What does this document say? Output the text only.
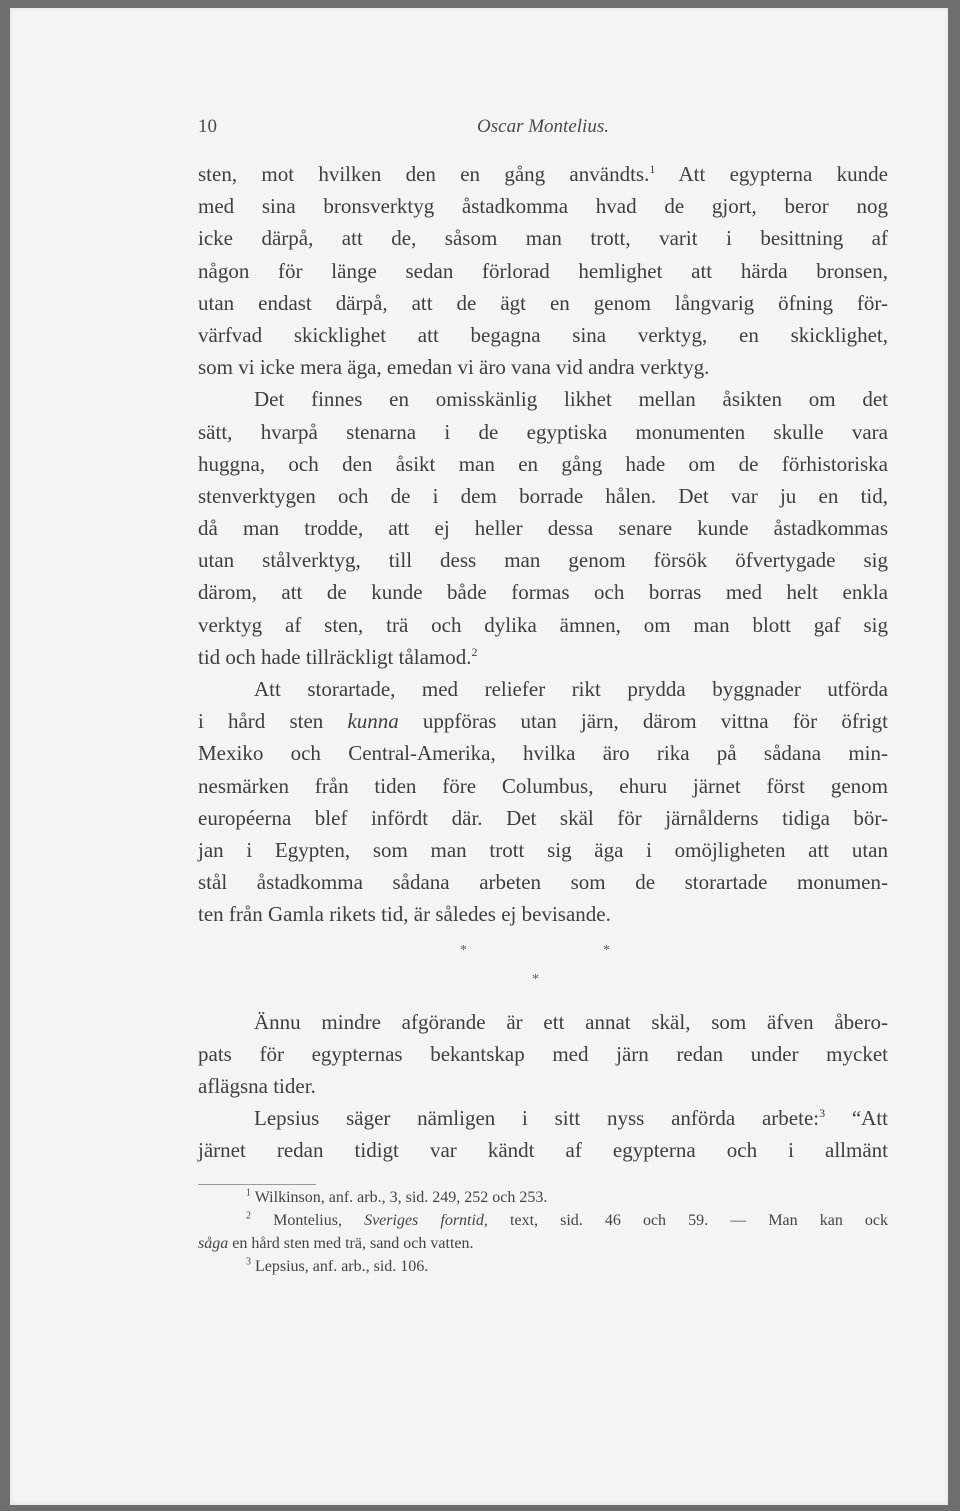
10	Oscar Montelius.
sten, mot hvilken den en gång användts.$^1$ Att egypterna kunde
med sina bronsverktyg åstadkomma hvad de gjort, beror nog
icke därpå, att de, såsom man trott, varit i besittning af
någon för länge sedan förlorad hemlighet att härda bronsen,
utan endast därpå, att de ägt en genom långvarig öfning för-
värfvad skicklighet att begagna sina verktyg, en skicklighet,
som vi icke mera äga, emedan vi äro vana vid andra verktyg.
Det finnes en omisskänlig likhet mellan åsikten om det
sätt, hvarpå stenarna i de egyptiska monumenten skulle vara
huggna, och den åsikt man en gång hade om de förhistoriska
stenverktygen och de i dem borrade hålen. Det var ju en tid,
då man trodde, att ej heller dessa senare kunde åstadkommas
utan stålverktyg, till dess man genom försök öfvertygade sig
därom, att de kunde både formas och borras med helt enkla
verktyg af sten, trä och dylika ämnen, om man blott gaf sig
tid och hade tillräckligt tålamod.$^2$
Att storartade, med reliefer rikt prydda byggnader utförda
i hård sten kunna uppföras utan järn, därom vittna för öfrigt
Mexiko och Central-Amerika, hvilka äro rika på sådana min-
nesmärken från tiden före Columbus, ehuru järnet först genom
européerna blef infördt där. Det skäl för järnålderns tidiga bör-
jan i Egypten, som man trott sig äga i omöjligheten att utan
stål åstadkomma sådana arbeten som de storartade monumen-
ten från Gamla rikets tid, är således ej bevisande.
*	*
*
Ännu mindre afgörande är ett annat skäl, som äfven åbero-
pats för egypternas bekantskap med järn redan under mycket
aflägsna tider.
Lepsius säger nämligen i sitt nyss anförda arbete:$^3$ “Att
järnet redan tidigt var kändt af egypterna och i allmänt
$^1$ Wilkinson, anf. arb., 3, sid. 249, 252 och 253.
$^2$ Montelius, Sveriges forntid, text, sid. 46 och 59. — Man kan ock
såga en hård sten med trä, sand och vatten.
$^3$ Lepsius, anf. arb., sid. 106.
